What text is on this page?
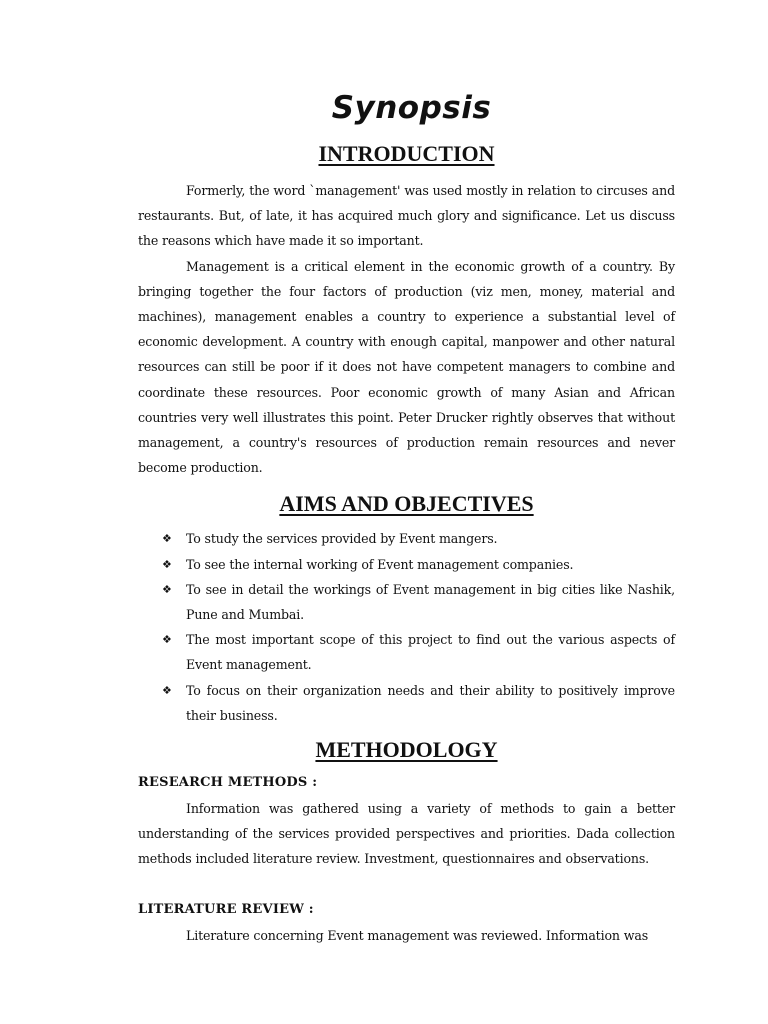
Synopsis
INTRODUCTION

Formerly, the word `management' was used mostly in relation to circuses and restaurants. But, of late, it has acquired much glory and significance. Let us discuss the reasons which have made it so important.

Management is a critical element in the economic growth of a country. By bringing together the four factors of production (viz men, money, material and machines), management enables a country to experience a substantial level of economic development. A country with enough capital, manpower and other natural resources can still be poor if it does not have competent managers to combine and coordinate these resources. Poor economic growth of many Asian and African countries very well illustrates this point. Peter Drucker rightly observes that without management, a country's resources of production remain resources and never become production.

AIMS AND OBJECTIVES
❖ To study the services provided by Event mangers.
❖ To see the internal working of Event management companies.
❖ To see in detail the workings of Event management in big cities like Nashik, Pune and Mumbai.
❖ The most important scope of this project to find out the various aspects of Event management.
❖ To focus on their organization needs and their ability to positively improve their business.
METHODOLOGY
RESEARCH METHODS :

Information was gathered using a variety of methods to gain a better understanding of the services provided perspectives and priorities. Dada collection methods included literature review. Investment, questionnaires and observations.

LITERATURE REVIEW :

Literature concerning Event management was reviewed. Information was
